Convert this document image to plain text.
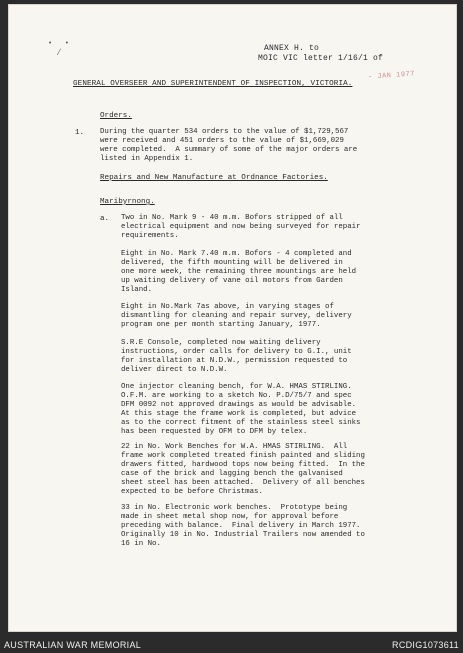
•   •
⁄	ANNEX H. to
MOIC VIC letter 1/16/1 of
- JAN 1977
GENERAL OVERSEER AND SUPERINTENDENT OF INSPECTION, VICTORIA.
Orders.
1. During the quarter 534 orders to the value of $1,729,567
were received and 451 orders to the value of $1,669,029
were completed.  A summary of some of the major orders are
listed in Appendix 1.
Repairs and New Manufacture at Ordnance Factories.
Maribyrnong.
a. Two in No. Mark 9 - 40 m.m. Bofors stripped of all
electrical equipment and now being surveyed for repair
requirements.
Eight in No. Mark 7.40 m.m. Bofors - 4 completed and
delivered, the fifth mounting will be delivered in
one more week, the remaining three mountings are held
up waiting delivery of vane oil motors from Garden
Island.
Eight in No.Mark 7as above, in varying stages of
dismantling for cleaning and repair survey, delivery
program one per month starting January, 1977.
S.R.E Console, completed now waiting delivery
instructions, order calls for delivery to G.I., unit
for installation at N.D.W., permission requested to
deliver direct to N.D.W.
One injector cleaning bench, for W.A. HMAS STIRLING.
O.F.M. are working to a sketch No. P.D/75/7 and spec
DFM 0092 not approved drawings as would be advisable.
At this stage the frame work is completed, but advice
as to the correct fitment of the stainless steel sinks
has been requested by OFM to DFM by telex.
22 in No. Work Benches for W.A. HMAS STIRLING.  All
frame work completed treated finish painted and sliding
drawers fitted, hardwood tops now being fitted.  In the
case of the brick and lagging bench the galvanised
sheet steel has been attached.  Delivery of all benches
expected to be before Christmas.
33 in No. Electronic work benches.  Prototype being
made in sheet metal shop now, for approval before
preceding with balance.  Final delivery in March 1977.
Originally 10 in No. Industrial Trailers now amended to
16 in No.
AUSTRALIAN WAR MEMORIAL	RCDIG1073611
